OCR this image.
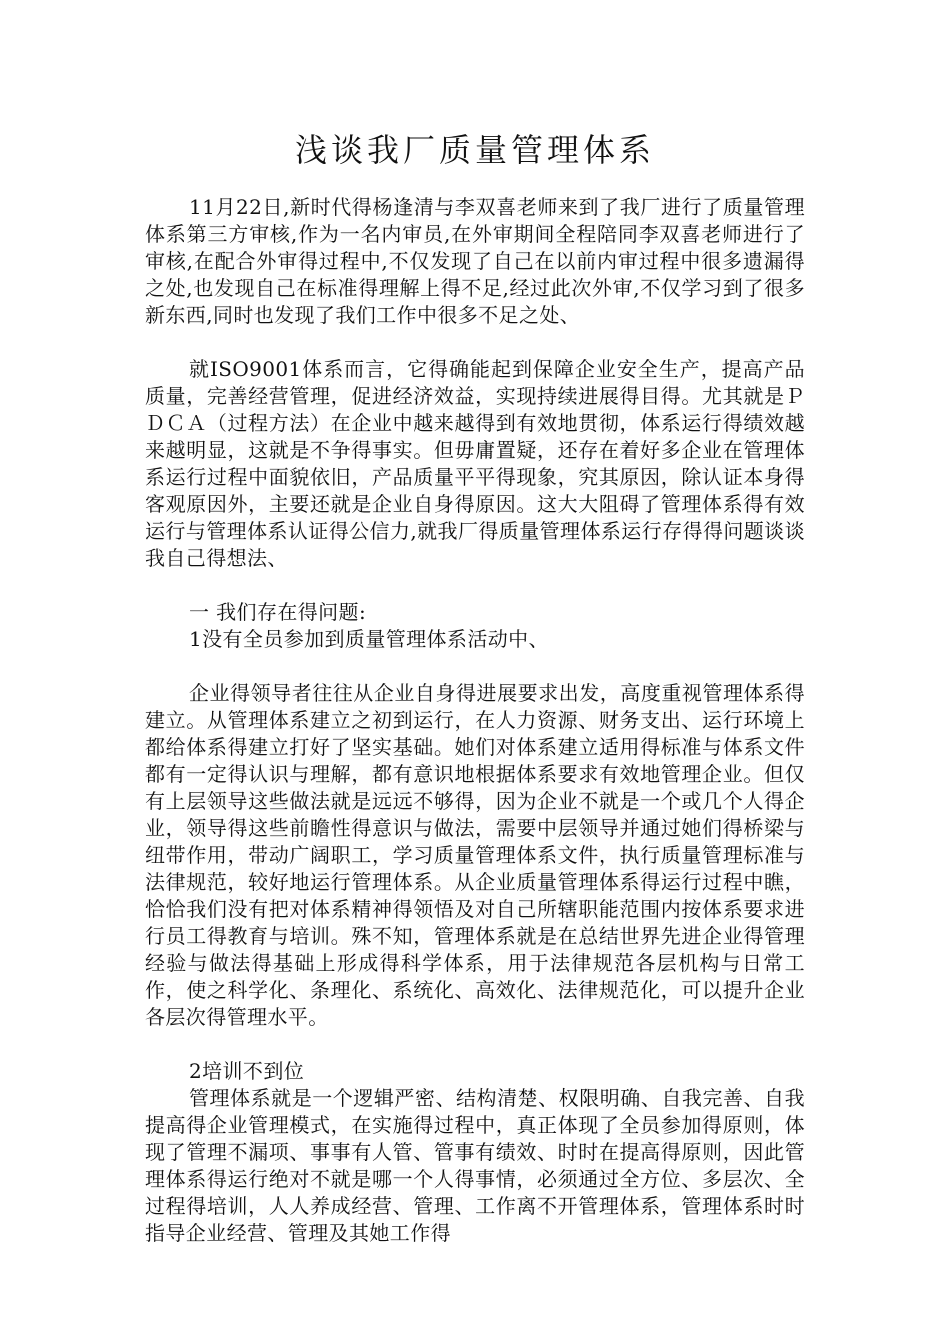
浅谈我厂质量管理体系

11月22日,新时代得杨逢清与李双喜老师来到了我厂进行了质量管理体系第三方审核,作为一名内审员,在外审期间全程陪同李双喜老师进行了审核,在配合外审得过程中,不仅发现了自己在以前内审过程中很多遗漏得之处,也发现自己在标准得理解上得不足,经过此次外审,不仅学习到了很多新东西,同时也发现了我们工作中很多不足之处、

就ISO9001体系而言，它得确能起到保障企业安全生产，提高产品质量，完善经营管理，促进经济效益，实现持续进展得目得。尤其就是ＰＤＣＡ（过程方法）在企业中越来越得到有效地贯彻，体系运行得绩效越来越明显，这就是不争得事实。但毋庸置疑，还存在着好多企业在管理体系运行过程中面貌依旧，产品质量平平得现象，究其原因，除认证本身得客观原因外，主要还就是企业自身得原因。这大大阻碍了管理体系得有效运行与管理体系认证得公信力,就我厂得质量管理体系运行存得得问题谈谈我自己得想法、

一 我们存在得问题:

1没有全员参加到质量管理体系活动中、

企业得领导者往往从企业自身得进展要求出发，高度重视管理体系得建立。从管理体系建立之初到运行，在人力资源、财务支出、运行环境上都给体系得建立打好了坚实基础。她们对体系建立适用得标准与体系文件都有一定得认识与理解，都有意识地根据体系要求有效地管理企业。但仅有上层领导这些做法就是远远不够得，因为企业不就是一个或几个人得企业，领导得这些前瞻性得意识与做法，需要中层领导并通过她们得桥梁与纽带作用，带动广阔职工，学习质量管理体系文件，执行质量管理标准与法律规范，较好地运行管理体系。从企业质量管理体系得运行过程中瞧，恰恰我们没有把对体系精神得领悟及对自己所辖职能范围内按体系要求进行员工得教育与培训。殊不知，管理体系就是在总结世界先进企业得管理经验与做法得基础上形成得科学体系，用于法律规范各层机构与日常工作，使之科学化、条理化、系统化、高效化、法律规范化，可以提升企业各层次得管理水平。

2培训不到位

管理体系就是一个逻辑严密、结构清楚、权限明确、自我完善、自我提高得企业管理模式，在实施得过程中，真正体现了全员参加得原则，体现了管理不漏项、事事有人管、管事有绩效、时时在提高得原则，因此管理体系得运行绝对不就是哪一个人得事情，必须通过全方位、多层次、全过程得培训，人人养成经营、管理、工作离不开管理体系，管理体系时时指导企业经营、管理及其她工作得
